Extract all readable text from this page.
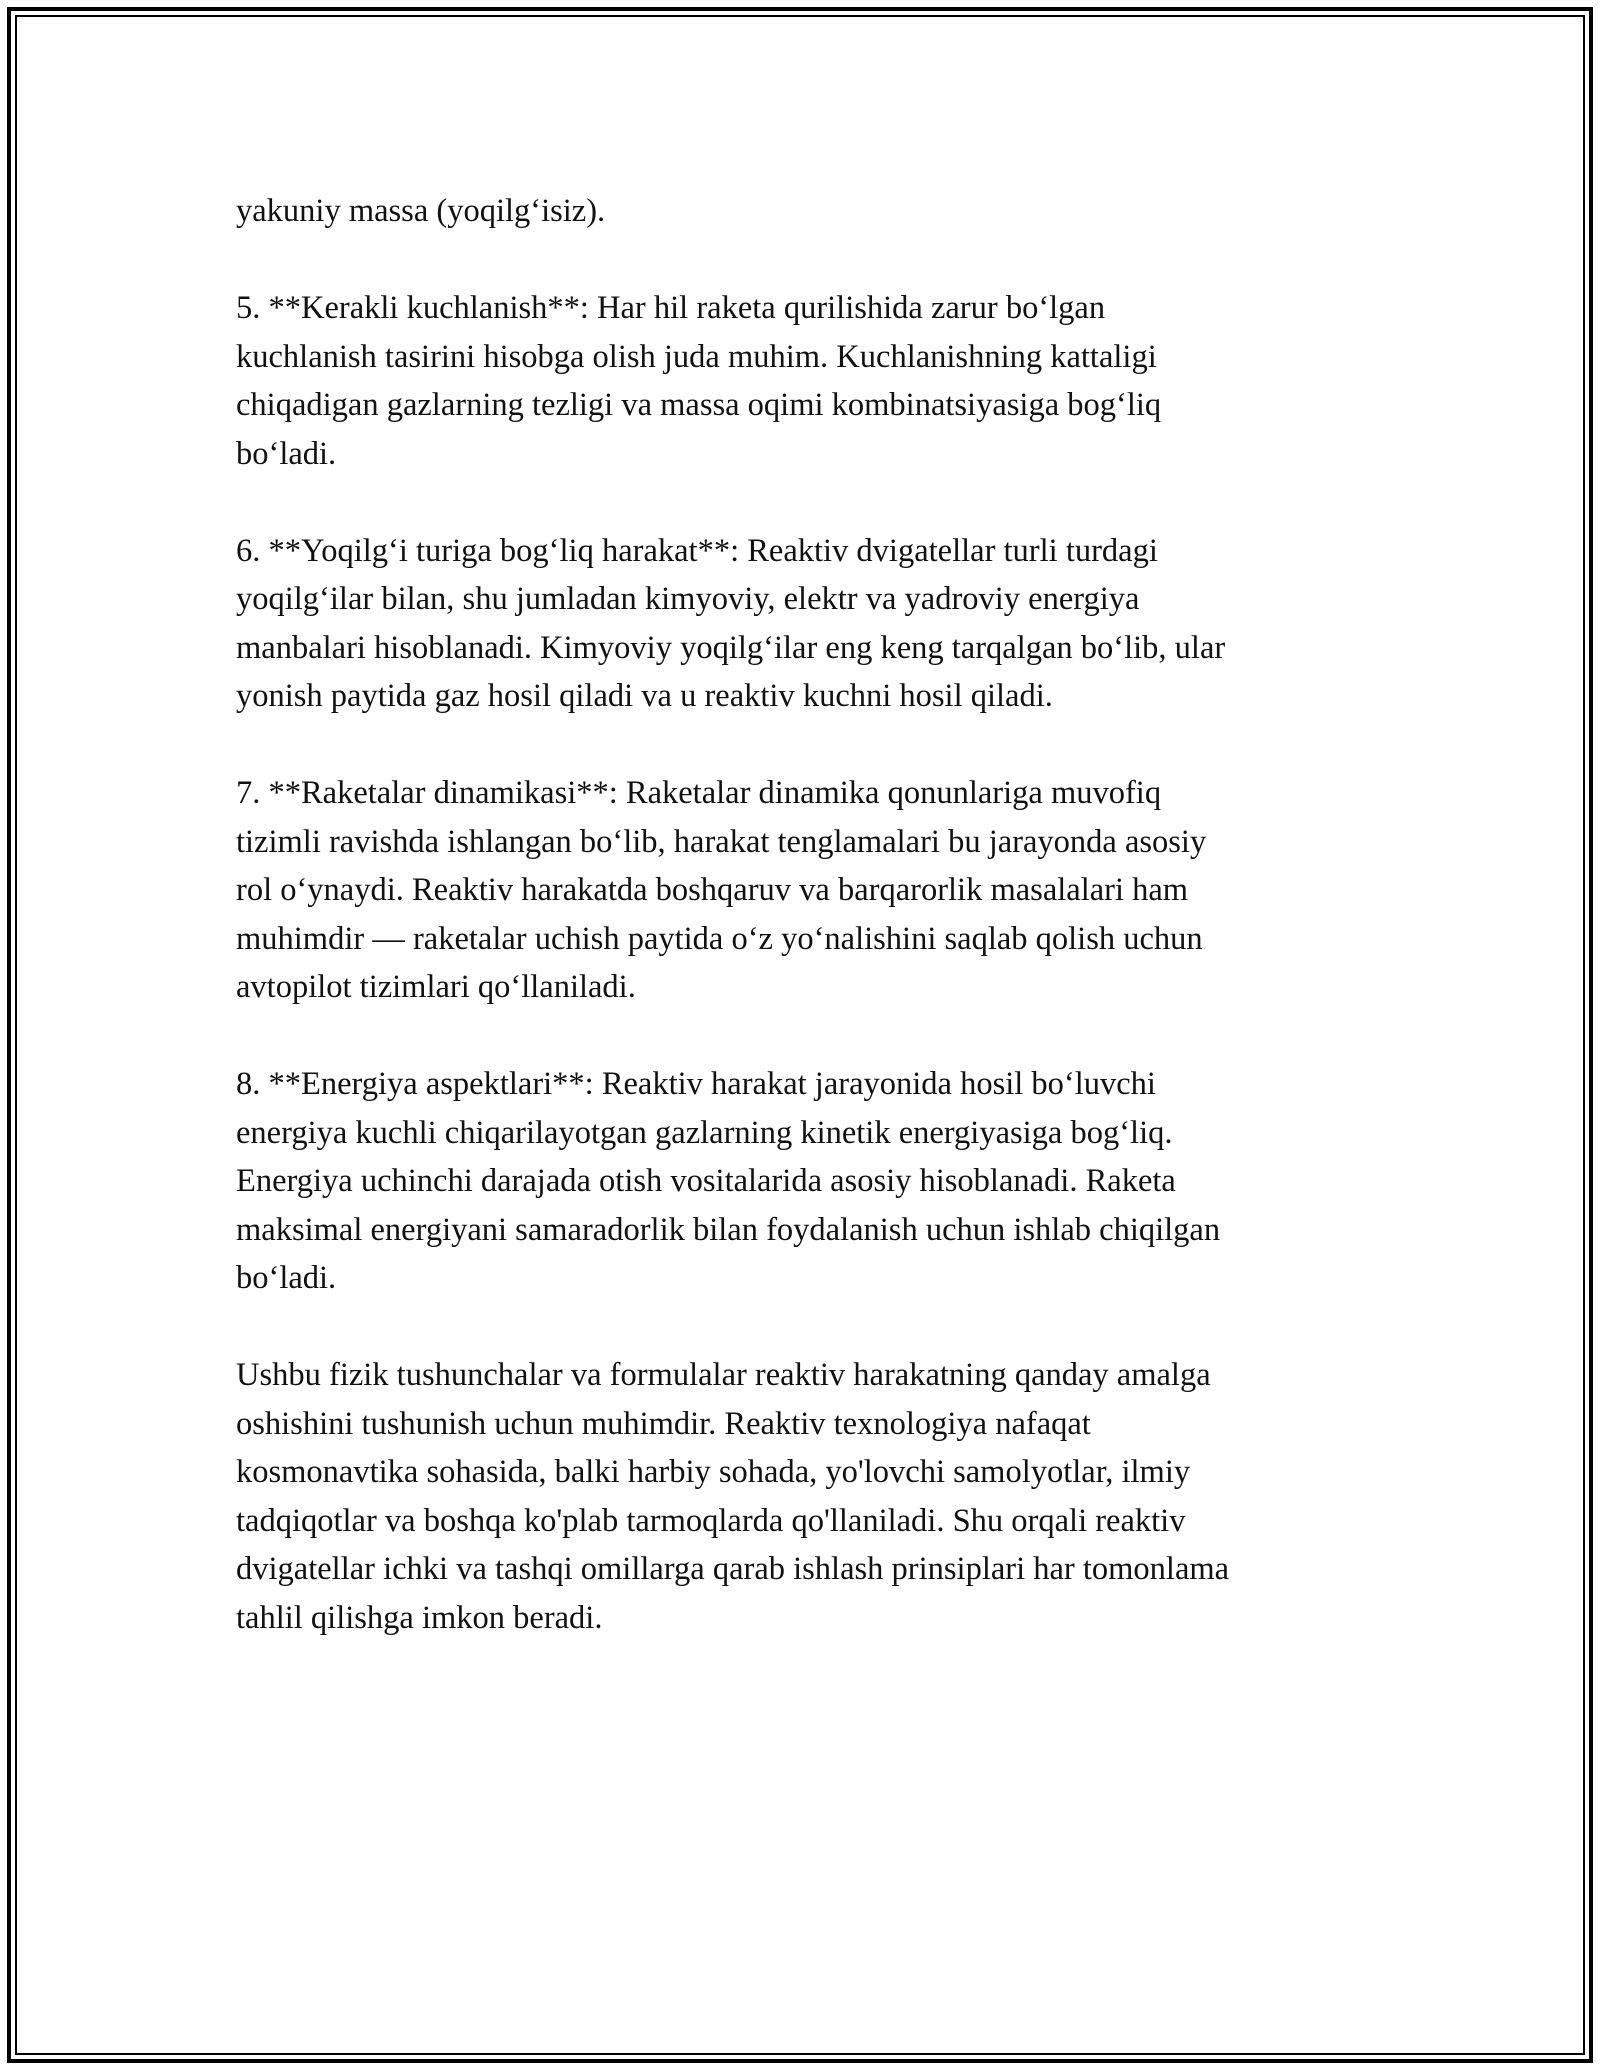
yakuniy massa (yoqilg‘isiz).

5. **Kerakli kuchlanish**: Har hil raketa qurilishida zarur bo‘lgan
kuchlanish tasirini hisobga olish juda muhim. Kuchlanishning kattaligi
chiqadigan gazlarning tezligi va massa oqimi kombinatsiyasiga bog‘liq
bo‘ladi.

6. **Yoqilg‘i turiga bog‘liq harakat**: Reaktiv dvigatellar turli turdagi
yoqilg‘ilar bilan, shu jumladan kimyoviy, elektr va yadroviy energiya
manbalari hisoblanadi. Kimyoviy yoqilg‘ilar eng keng tarqalgan bo‘lib, ular
yonish paytida gaz hosil qiladi va u reaktiv kuchni hosil qiladi.

7. **Raketalar dinamikasi**: Raketalar dinamika qonunlariga muvofiq
tizimli ravishda ishlangan bo‘lib, harakat tenglamalari bu jarayonda asosiy
rol o‘ynaydi. Reaktiv harakatda boshqaruv va barqarorlik masalalari ham
muhimdir — raketalar uchish paytida o‘z yo‘nalishini saqlab qolish uchun
avtopilot tizimlari qo‘llaniladi.

8. **Energiya aspektlari**: Reaktiv harakat jarayonida hosil bo‘luvchi
energiya kuchli chiqarilayotgan gazlarning kinetik energiyasiga bog‘liq.
Energiya uchinchi darajada otish vositalarida asosiy hisoblanadi. Raketa
maksimal energiyani samaradorlik bilan foydalanish uchun ishlab chiqilgan
bo‘ladi.

Ushbu fizik tushunchalar va formulalar reaktiv harakatning qanday amalga
oshishini tushunish uchun muhimdir. Reaktiv texnologiya nafaqat
kosmonavtika sohasida, balki harbiy sohada, yo'lovchi samolyotlar, ilmiy
tadqiqotlar va boshqa ko'plab tarmoqlarda qo'llaniladi. Shu orqali reaktiv
dvigatellar ichki va tashqi omillarga qarab ishlash prinsiplari har tomonlama
tahlil qilishga imkon beradi.
